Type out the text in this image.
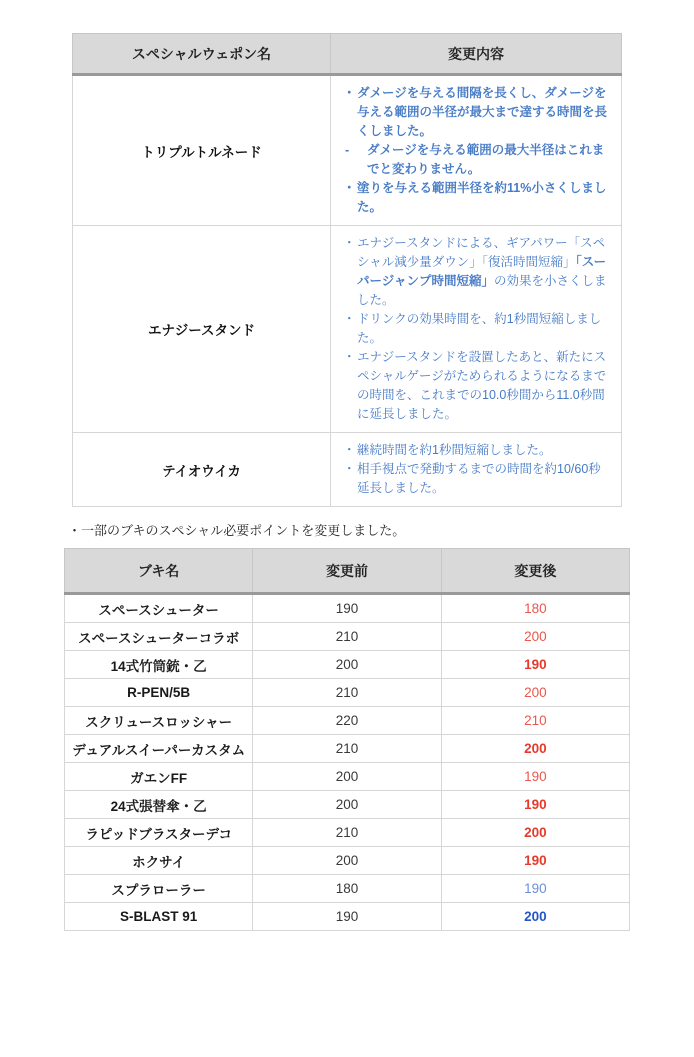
スペシャルウェポン名	変更内容
トリプルトルネード	
・ ダメージを与える間隔を長くし、ダメージを与える範囲の半径が最大まで達する時間を長くしました。
-	ダメージを与える範囲の最大半径はこれまでと変わりません。
・ 塗りを与える範囲半径を約11%小さくしました。

エナジースタンド	
・ エナジースタンドによる、ギアパワー「スペシャル減少量ダウン」「復活時間短縮」「スーパージャンプ時間短縮」の効果を小さくしました。
・ ドリンクの効果時間を、約1秒間短縮しました。
・ エナジースタンドを設置したあと、新たにスペシャルゲージがためられるようになるまでの時間を、これまでの10.0秒間から11.0秒間に延長しました。

テイオウイカ	・ 継続時間を約1秒間短縮しました。
・ 相手視点で発動するまでの時間を約10/60秒延長しました。
・一部のブキのスペシャル必要ポイントを変更しました。
ブキ名	変更前	変更後
スペースシューター	190	180
スペースシューターコラボ	210	200
14式竹筒銃・乙	200	190
R-PEN/5B	210	200
スクリュースロッシャー	220	210
デュアルスイーパーカスタム	210	200
ガエンFF	200	190
24式張替傘・乙	200	190
ラピッドブラスターデコ	210	200
ホクサイ	200	190
スプラローラー	180	190
S-BLAST 91	190	200
